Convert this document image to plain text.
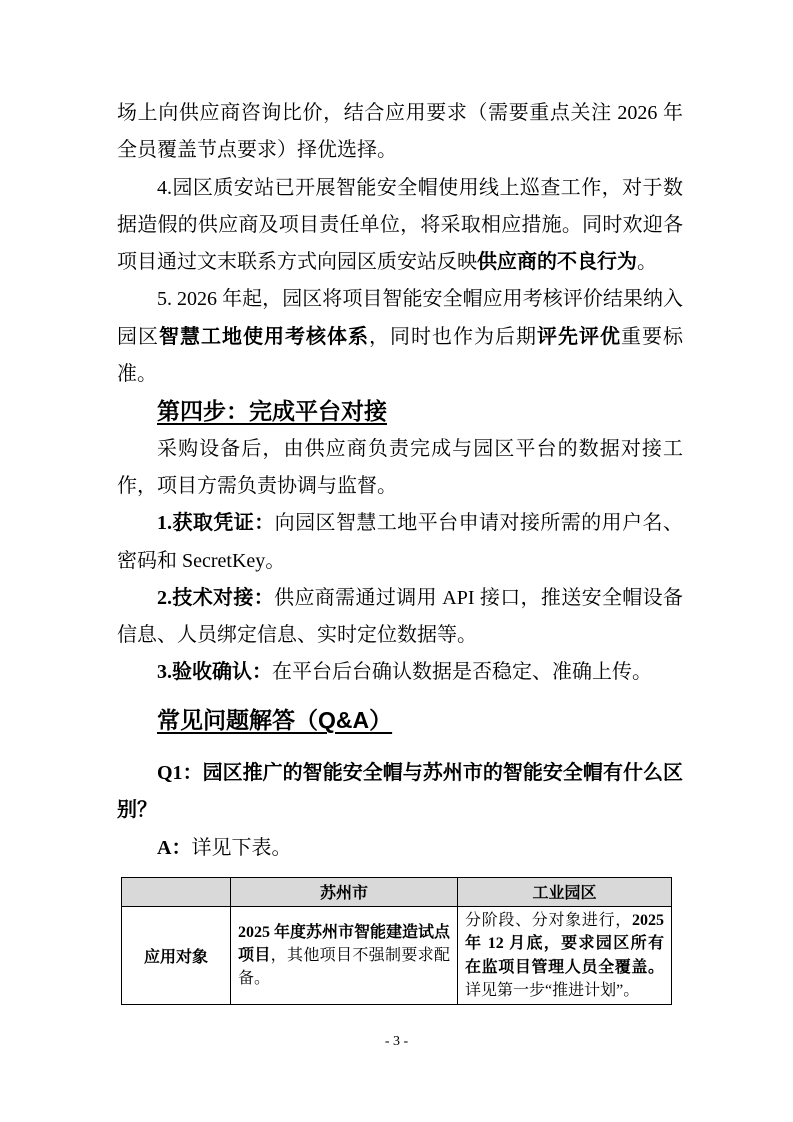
场上向供应商咨询比价，结合应用要求（需要重点关注 2026 年全员覆盖节点要求）择优选择。

4.园区质安站已开展智能安全帽使用线上巡查工作，对于数据造假的供应商及项目责任单位，将采取相应措施。同时欢迎各项目通过文末联系方式向园区质安站反映供应商的不良行为。

5. 2026 年起，园区将项目智能安全帽应用考核评价结果纳入园区智慧工地使用考核体系，同时也作为后期评先评优重要标准。

第四步：完成平台对接

采购设备后，由供应商负责完成与园区平台的数据对接工作，项目方需负责协调与监督。

1.获取凭证：向园区智慧工地平台申请对接所需的用户名、密码和 SecretKey。

2.技术对接：供应商需通过调用 API 接口，推送安全帽设备信息、人员绑定信息、实时定位数据等。

3.验收确认：在平台后台确认数据是否稳定、准确上传。

常见问题解答（Q&A）

Q1：园区推广的智能安全帽与苏州市的智能安全帽有什么区别？

A：详见下表。

	苏州市	工业园区
应用对象	2025 年度苏州市智能建造试点项目，其他项目不强制要求配备。	分阶段、分对象进行，2025 年 12 月底，要求园区所有在监项目管理人员全覆盖。详见第一步“推进计划”。
- 3 -
